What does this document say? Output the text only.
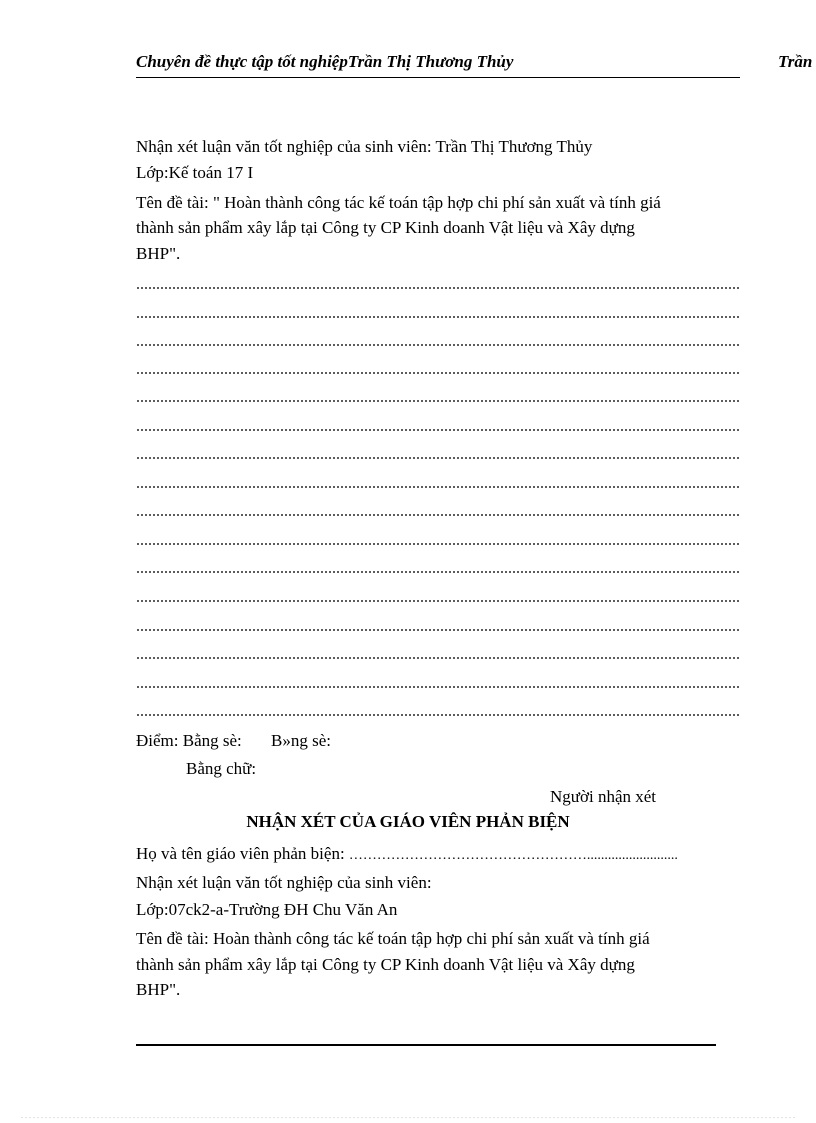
Chuyên đề thực tập tốt nghiệpTrần Thị Thương Thủy	Trần
Nhận xét luận văn tốt nghiệp của sinh viên: Trần Thị Thương Thủy
Lớp:Kế toán 17 I
Tên đề tài: " Hoàn thành công tác kế toán tập hợp chi phí sản xuất và tính giá
thành sản phẩm xây lắp tại Công ty CP Kinh doanh Vật liệu và Xây dựng
BHP".
Điểm: Bằng sè: B»ng sè:
Bằng chữ:
Người nhận xét
NHẬN XÉT CỦA GIÁO VIÊN PHẢN BIỆN
Họ và tên giáo viên phản biện: ……………………………………………..........................
Nhận xét luận văn tốt nghiệp của sinh viên:
Lớp:07ck2-a-Trường ĐH Chu Văn An
Tên đề tài: Hoàn thành công tác kế toán tập hợp chi phí sản xuất và tính giá
thành sản phẩm xây lắp tại Công ty CP Kinh doanh Vật liệu và Xây dựng
BHP".
